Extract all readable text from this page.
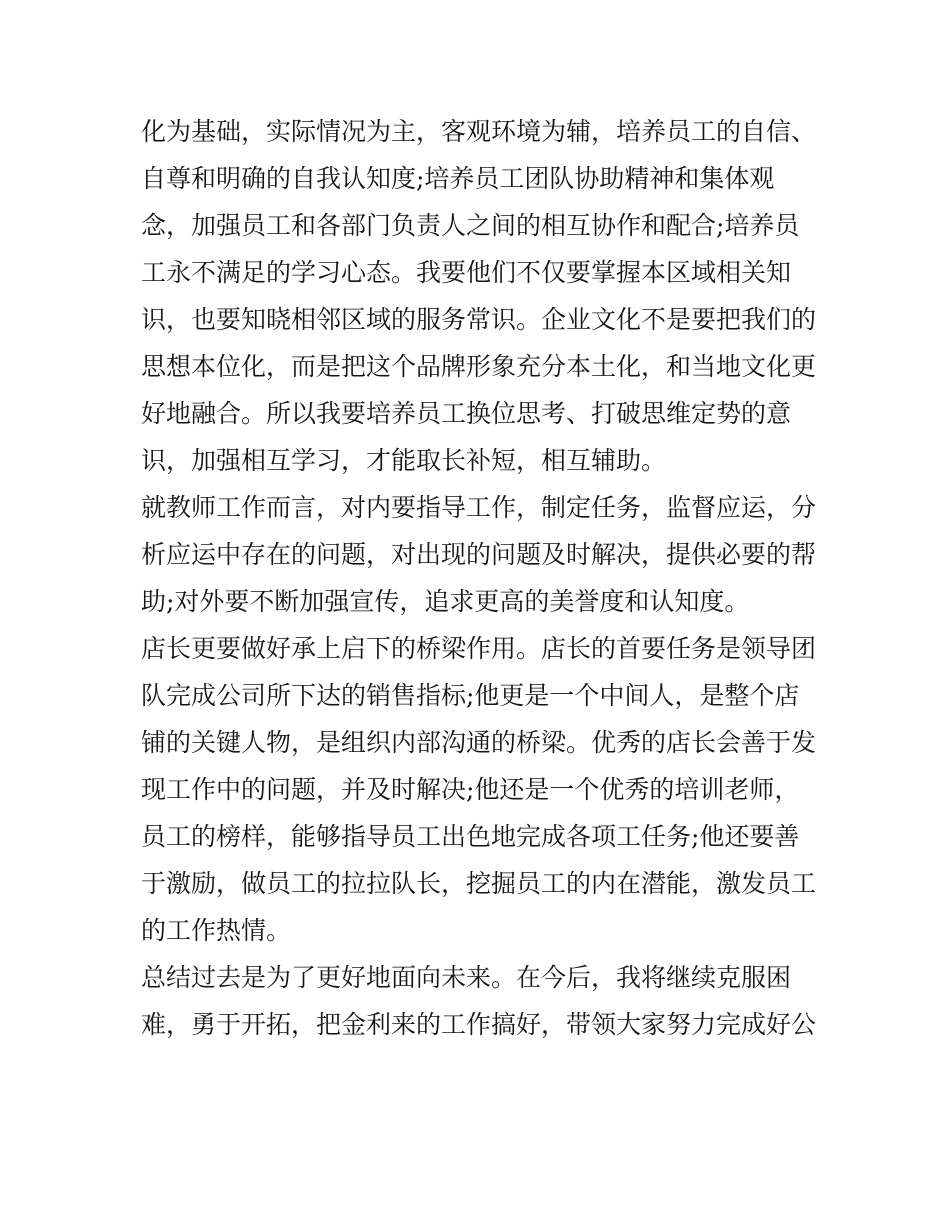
化为基础，实际情况为主，客观环境为辅，培养员工的自信、
自尊和明确的自我认知度;培养员工团队协助精神和集体观
念，加强员工和各部门负责人之间的相互协作和配合;培养员
工永不满足的学习心态。我要他们不仅要掌握本区域相关知
识，也要知晓相邻区域的服务常识。企业文化不是要把我们的
思想本位化，而是把这个品牌形象充分本土化，和当地文化更
好地融合。所以我要培养员工换位思考、打破思维定势的意
识，加强相互学习，才能取长补短，相互辅助。
就教师工作而言，对内要指导工作，制定任务，监督应运，分
析应运中存在的问题，对出现的问题及时解决，提供必要的帮
助;对外要不断加强宣传，追求更高的美誉度和认知度。
店长更要做好承上启下的桥梁作用。店长的首要任务是领导团
队完成公司所下达的销售指标;他更是一个中间人，是整个店
铺的关键人物，是组织内部沟通的桥梁。优秀的店长会善于发
现工作中的问题，并及时解决;他还是一个优秀的培训老师，
员工的榜样，能够指导员工出色地完成各项工任务;他还要善
于激励，做员工的拉拉队长，挖掘员工的内在潜能，激发员工
的工作热情。
总结过去是为了更好地面向未来。在今后，我将继续克服困
难，勇于开拓，把金利来的工作搞好，带领大家努力完成好公
